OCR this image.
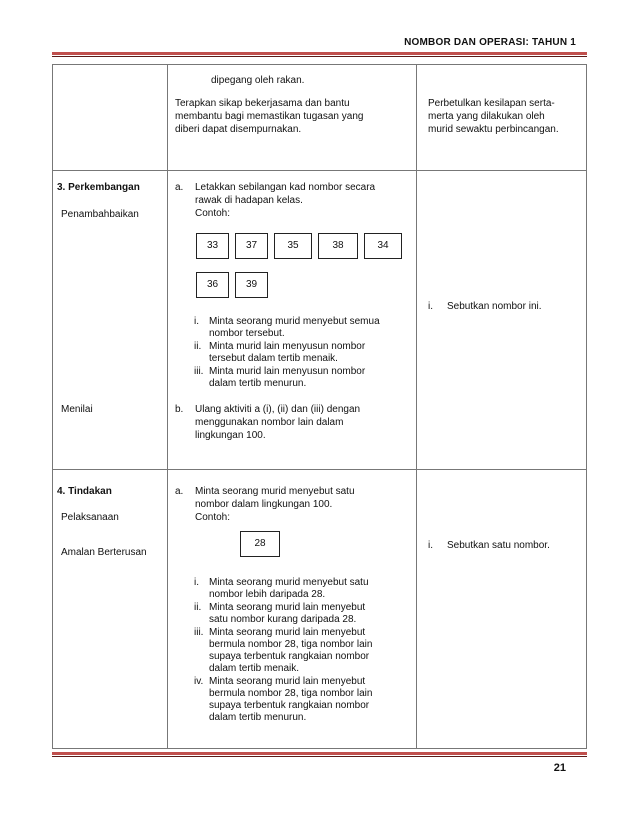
NOMBOR DAN OPERASI: TAHUN 1
dipegang oleh rakan.
Terapkan sikap bekerjasama dan bantu
membantu bagi memastikan tugasan yang
diberi dapat disempurnakan.
Perbetulkan kesilapan serta-
merta yang dilakukan oleh
murid sewaktu perbincangan.
3. Perkembangan
Penambahbaikan
Menilai
a. Letakkan sebilangan kad nombor secara
rawak di hadapan kelas.
Contoh:
33	37	35	38	34
36	39
i. Minta seorang murid menyebut semua
nombor tersebut.
ii. Minta murid lain menyusun nombor
tersebut dalam tertib menaik.
iii. Minta murid lain menyusun nombor
dalam tertib menurun.
b. Ulang aktiviti a (i), (ii) dan (iii) dengan
menggunakan nombor lain dalam
lingkungan 100.
i. Sebutkan nombor ini.
4. Tindakan
Pelaksanaan
Amalan Berterusan
a. Minta seorang murid menyebut satu
nombor dalam lingkungan 100.
Contoh:
28
i. Minta seorang murid menyebut satu
nombor lebih daripada 28.
ii. Minta seorang murid lain menyebut
satu nombor kurang daripada 28.
iii. Minta seorang murid lain menyebut
bermula nombor 28, tiga nombor lain
supaya terbentuk rangkaian nombor
dalam tertib menaik.
iv. Minta seorang murid lain menyebut
bermula nombor 28, tiga nombor lain
supaya terbentuk rangkaian nombor
dalam tertib menurun.
i. Sebutkan satu nombor.
21
